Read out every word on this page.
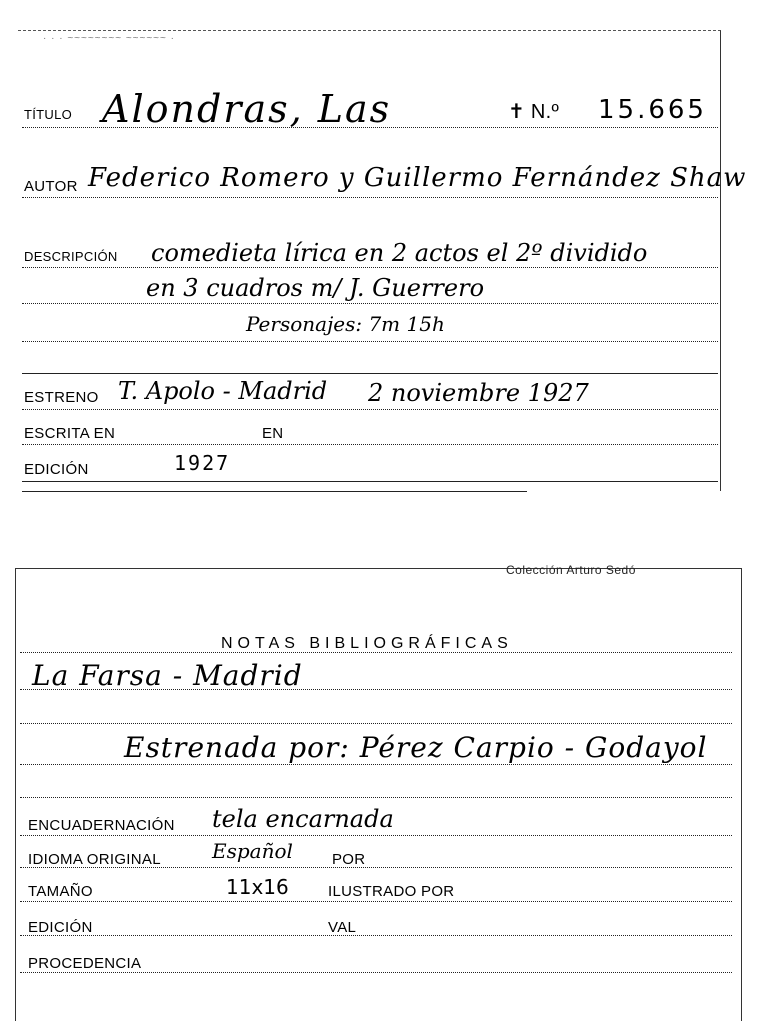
· · · ~~~~~~~~ ~~~~~~ ·
TÍTULO Alondras, Las	✝ N.º 15.665
AUTOR Federico Romero y Guillermo Fernández Shaw
DESCRIPCIÓN comedieta lírica en 2 actos el 2º dividido
en 3 cuadros m/ J. Guerrero
Personajes: 7m 15h
ESTRENO T. Apolo - Madrid 2 noviembre 1927
ESCRITA EN	EN
EDICIÓN	1927
Colección Arturo Sedó
NOTAS BIBLIOGRÁFICAS
La Farsa - Madrid
Estrenada por: Pérez Carpio - Godayol
ENCUADERNACIÓN tela encarnada
IDIOMA ORIGINAL	Español	POR
TAMAÑO	11x16	ILUSTRADO POR
EDICIÓN	VAL
PROCEDENCIA
